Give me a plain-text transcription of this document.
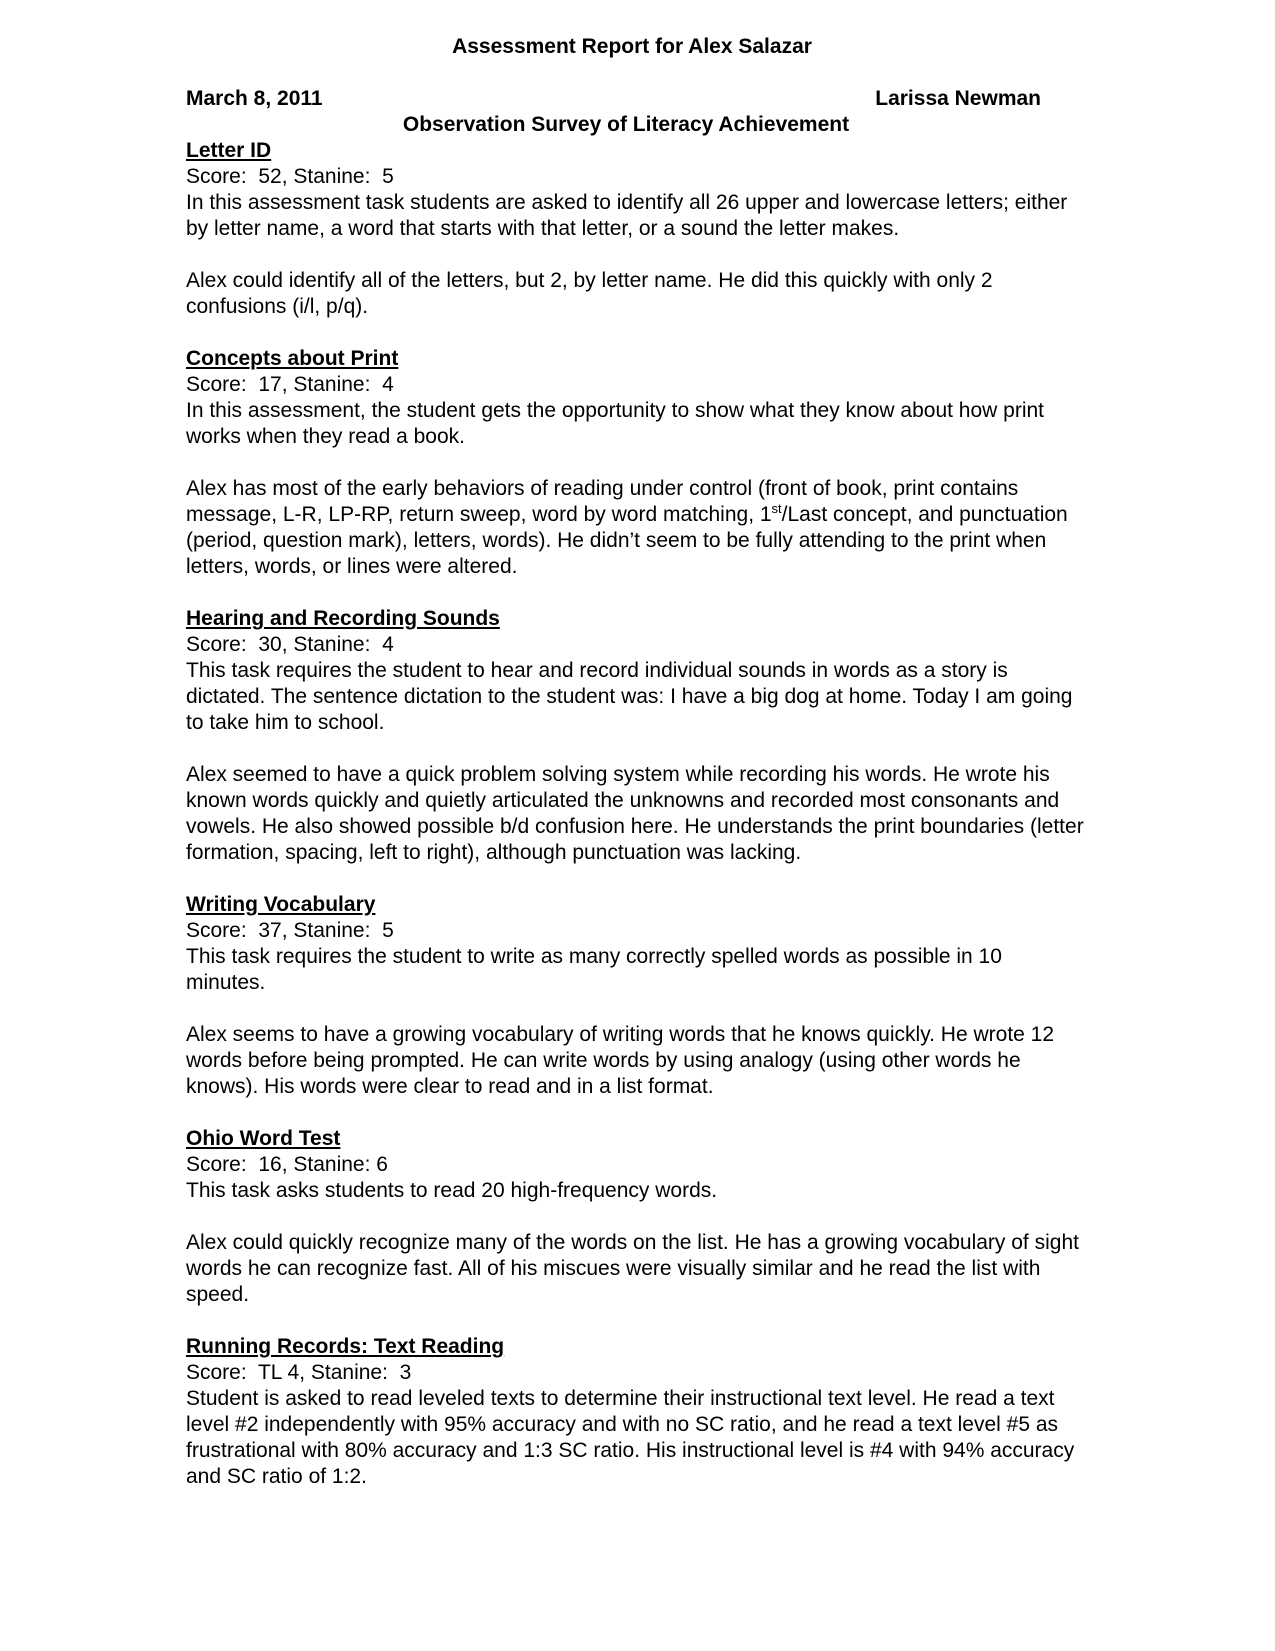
Assessment Report for Alex Salazar
March 8, 2011	Larissa Newman
Observation Survey of Literacy Achievement
Letter ID
Score:  52, Stanine:  5

In this assessment task students are asked to identify all 26 upper and lowercase letters; either by letter name, a word that starts with that letter, or a sound the letter makes.

Alex could identify all of the letters, but 2, by letter name. He did this quickly with only 2 confusions (i/l, p/q).

Concepts about Print
Score:  17, Stanine:  4

In this assessment, the student gets the opportunity to show what they know about how print works when they read a book.

Alex has most of the early behaviors of reading under control (front of book, print contains message, L-R, LP-RP, return sweep, word by word matching, 1st/Last concept, and punctuation (period, question mark), letters, words). He didn’t seem to be fully attending to the print when letters, words, or lines were altered.

Hearing and Recording Sounds
Score:  30, Stanine:  4

This task requires the student to hear and record individual sounds in words as a story is dictated. The sentence dictation to the student was: I have a big dog at home. Today I am going to take him to school.

Alex seemed to have a quick problem solving system while recording his words. He wrote his known words quickly and quietly articulated the unknowns and recorded most consonants and vowels. He also showed possible b/d confusion here. He understands the print boundaries (letter formation, spacing, left to right), although punctuation was lacking.

Writing Vocabulary
Score:  37, Stanine:  5

This task requires the student to write as many correctly spelled words as possible in 10 minutes.

Alex seems to have a growing vocabulary of writing words that he knows quickly. He wrote 12 words before being prompted. He can write words by using analogy (using other words he knows). His words were clear to read and in a list format.

Ohio Word Test
Score:  16, Stanine: 6

This task asks students to read 20 high-frequency words.

Alex could quickly recognize many of the words on the list. He has a growing vocabulary of sight words he can recognize fast. All of his miscues were visually similar and he read the list with speed.

Running Records: Text Reading
Score:  TL 4, Stanine:  3

Student is asked to read leveled texts to determine their instructional text level. He read a text level #2 independently with 95% accuracy and with no SC ratio, and he read a text level #5 as frustrational with 80% accuracy and 1:3 SC ratio. His instructional level is #4 with 94% accuracy and SC ratio of 1:2.
